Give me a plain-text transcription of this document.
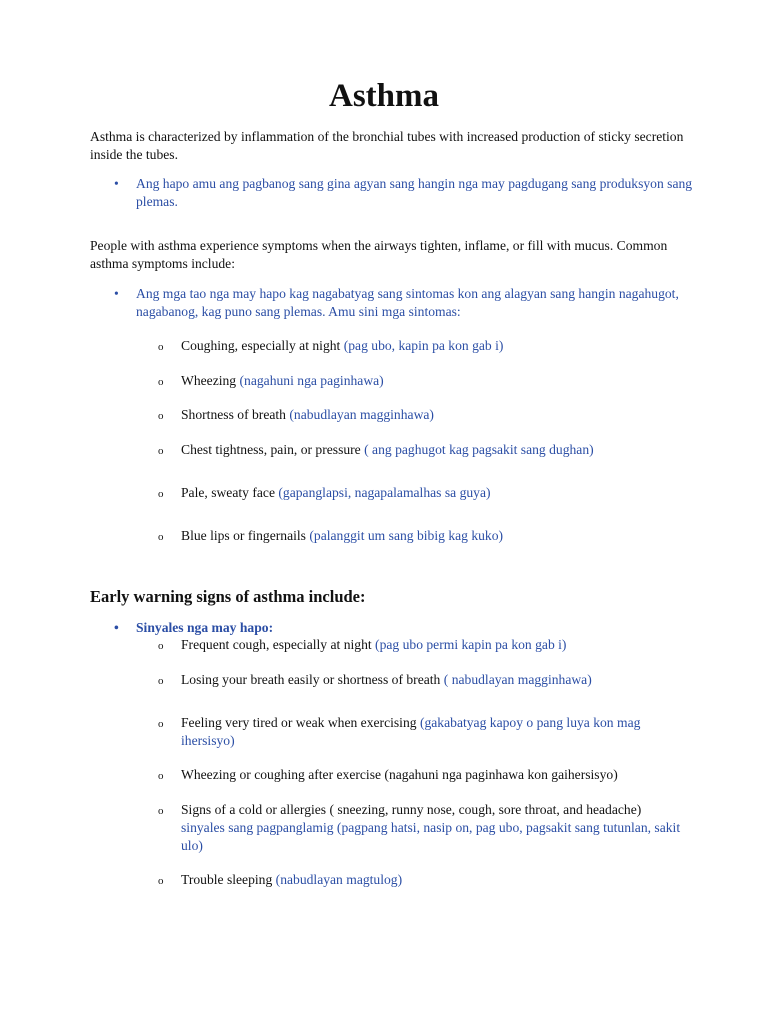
Asthma

Asthma is characterized by inflammation of the bronchial tubes with increased production of sticky secretion inside the tubes.

•	Ang hapo amu ang pagbanog sang gina agyan sang hangin nga may pagdugang sang produksyon sang plemas.

People with asthma experience symptoms when the airways tighten, inflame, or fill with mucus. Common asthma symptoms include:

•	Ang mga tao nga may hapo kag nagabatyag sang sintomas kon ang alagyan sang hangin nagahugot, nagabanog, kag puno sang plemas. Amu sini mga sintomas:

o Coughing, especially at night (pag ubo, kapin pa kon gab i)

o Wheezing (nagahuni nga paginhawa)

o Shortness of breath (nabudlayan magginhawa)

o Chest tightness, pain, or pressure ( ang paghugot kag pagsakit sang dughan)

o Pale, sweaty face (gapanglapsi, nagapalamalhas sa guya)

o Blue lips or fingernails (palanggit um sang bibig kag kuko)

Early warning signs of asthma include:

•	Sinyales nga may hapo:

o Frequent cough, especially at night (pag ubo permi kapin pa kon gab i)

o Losing your breath easily or shortness of breath ( nabudlayan magginhawa)

o Feeling very tired or weak when exercising (gakabatyag kapoy o pang luya kon mag ihersisyo)

o Wheezing or coughing after exercise (nagahuni nga paginhawa kon gaihersisyo)

o Signs of a cold or allergies ( sneezing, runny nose, cough, sore throat, and headache) sinyales sang pagpanglamig (pagpang hatsi, nasip on, pag ubo, pagsakit sang tutunlan, sakit ulo)

o Trouble sleeping (nabudlayan magtulog)
